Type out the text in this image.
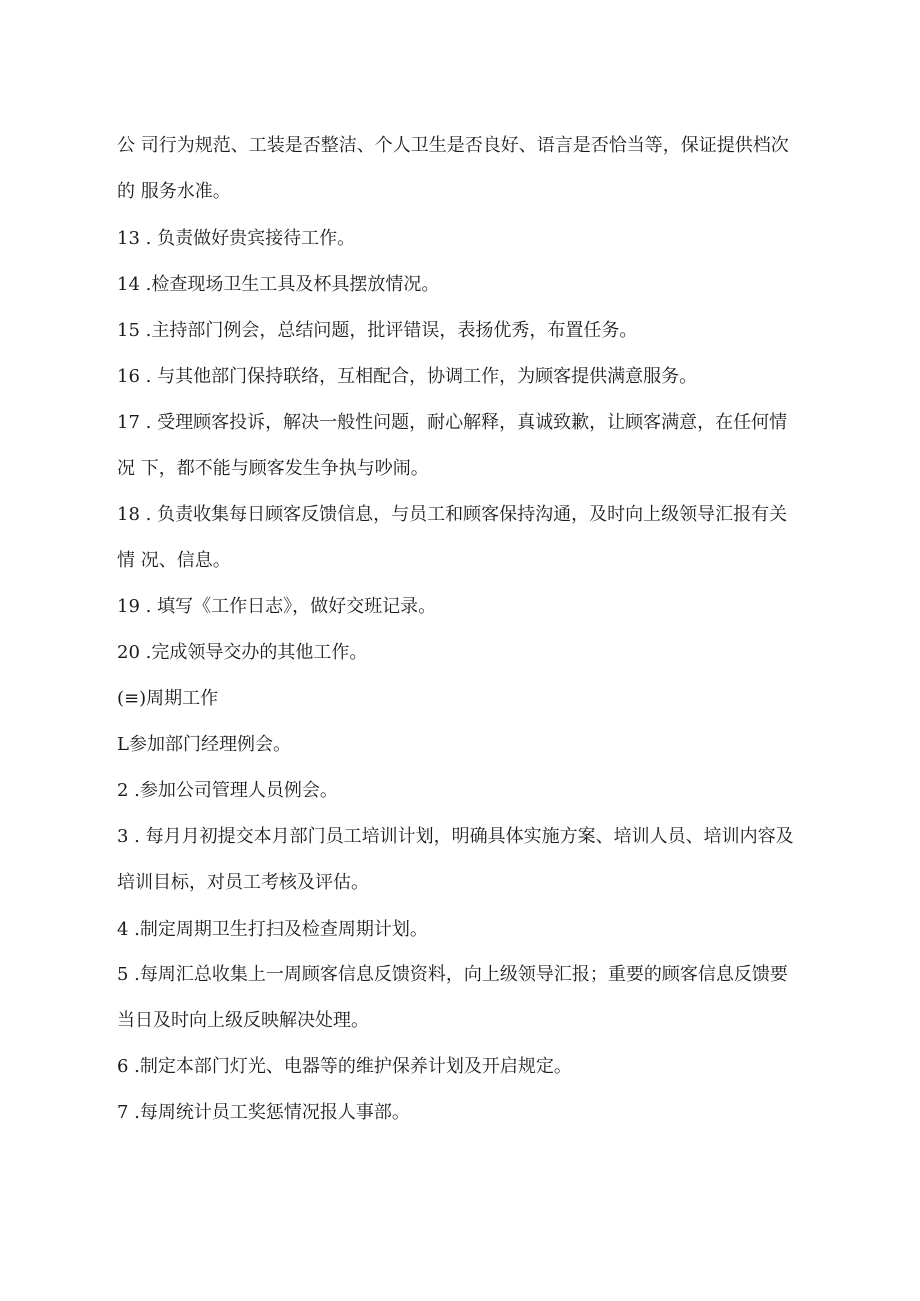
公 司行为规范、工装是否整洁、个人卫生是否良好、语言是否恰当等，保证提供档次
的 服务水准。
13 . 负责做好贵宾接待工作。
14 .检查现场卫生工具及杯具摆放情况。
15 .主持部门例会，总结问题，批评错误，表扬优秀，布置任务。
16 . 与其他部门保持联络，互相配合，协调工作，为顾客提供满意服务。
17 . 受理顾客投诉，解决一般性问题，耐心解释，真诚致歉，让顾客满意，在任何情
况 下，都不能与顾客发生争执与吵闹。
18 . 负责收集每日顾客反馈信息，与员工和顾客保持沟通，及时向上级领导汇报有关
情 况、信息。
19 . 填写《工作日志》，做好交班记录。
20 .完成领导交办的其他工作。
(≡)周期工作
L参加部门经理例会。
2 .参加公司管理人员例会。
3 . 每月月初提交本月部门员工培训计划，明确具体实施方案、培训人员、培训内容及
培训目标，对员工考核及评估。
4 .制定周期卫生打扫及检查周期计划。
5 .每周汇总收集上一周顾客信息反馈资料，向上级领导汇报；重要的顾客信息反馈要
当日及时向上级反映解决处理。
6 .制定本部门灯光、电器等的维护保养计划及开启规定。
7 .每周统计员工奖惩情况报人事部。
